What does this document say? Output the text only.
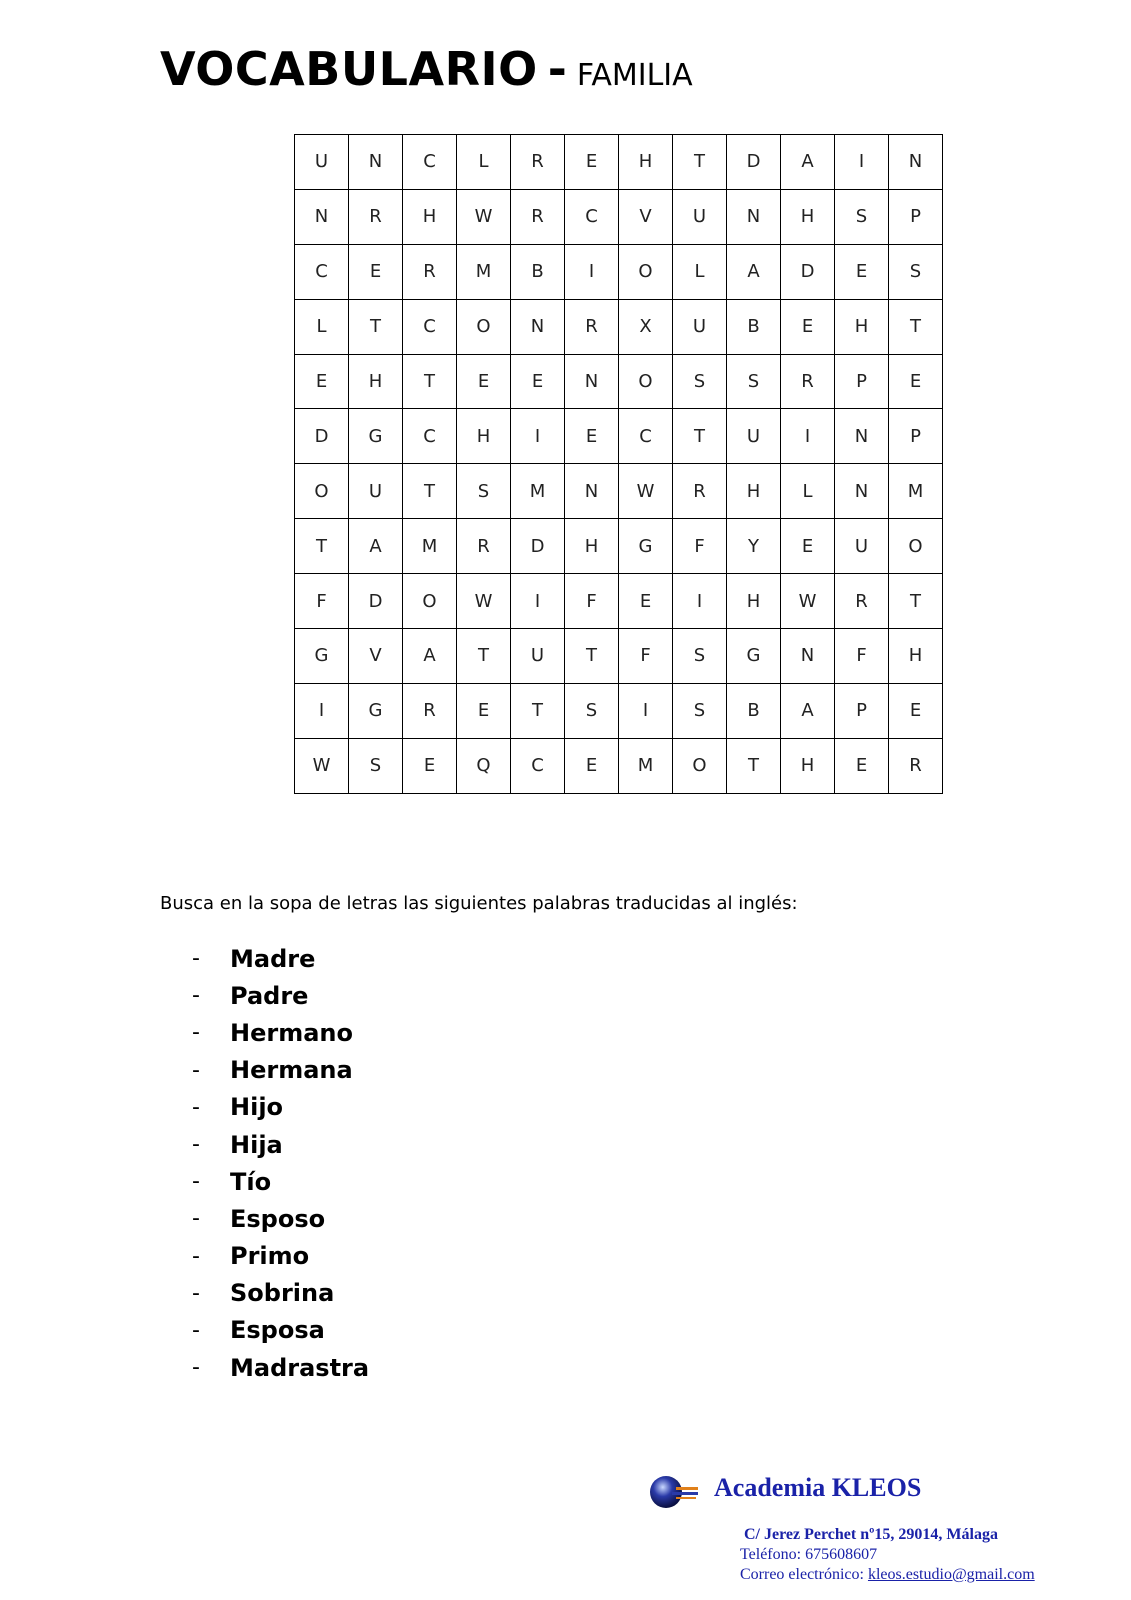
VOCABULARIO - FAMILIA
U	N	C	L	R	E	H	T	D	A	I	N
N	R	H	W	R	C	V	U	N	H	S	P
C	E	R	M	B	I	O	L	A	D	E	S
L	T	C	O	N	R	X	U	B	E	H	T
E	H	T	E	E	N	O	S	S	R	P	E
D	G	C	H	I	E	C	T	U	I	N	P
O	U	T	S	M	N	W	R	H	L	N	M
T	A	M	R	D	H	G	F	Y	E	U	O
F	D	O	W	I	F	E	I	H	W	R	T
G	V	A	T	U	T	F	S	G	N	F	H
I	G	R	E	T	S	I	S	B	A	P	E
W	S	E	Q	C	E	M	O	T	H	E	R
Busca en la sopa de letras las siguientes palabras traducidas al inglés:
-	Madre
-	Padre
-	Hermano
-	Hermana
-	Hijo
-	Hija
-	Tío
-	Esposo
-	Primo
-	Sobrina
-	Esposa
-	Madrastra
Academia KLEOS
C/ Jerez Perchet nº15, 29014, Málaga
Teléfono: 675608607
Correo electrónico: kleos.estudio@gmail.com
